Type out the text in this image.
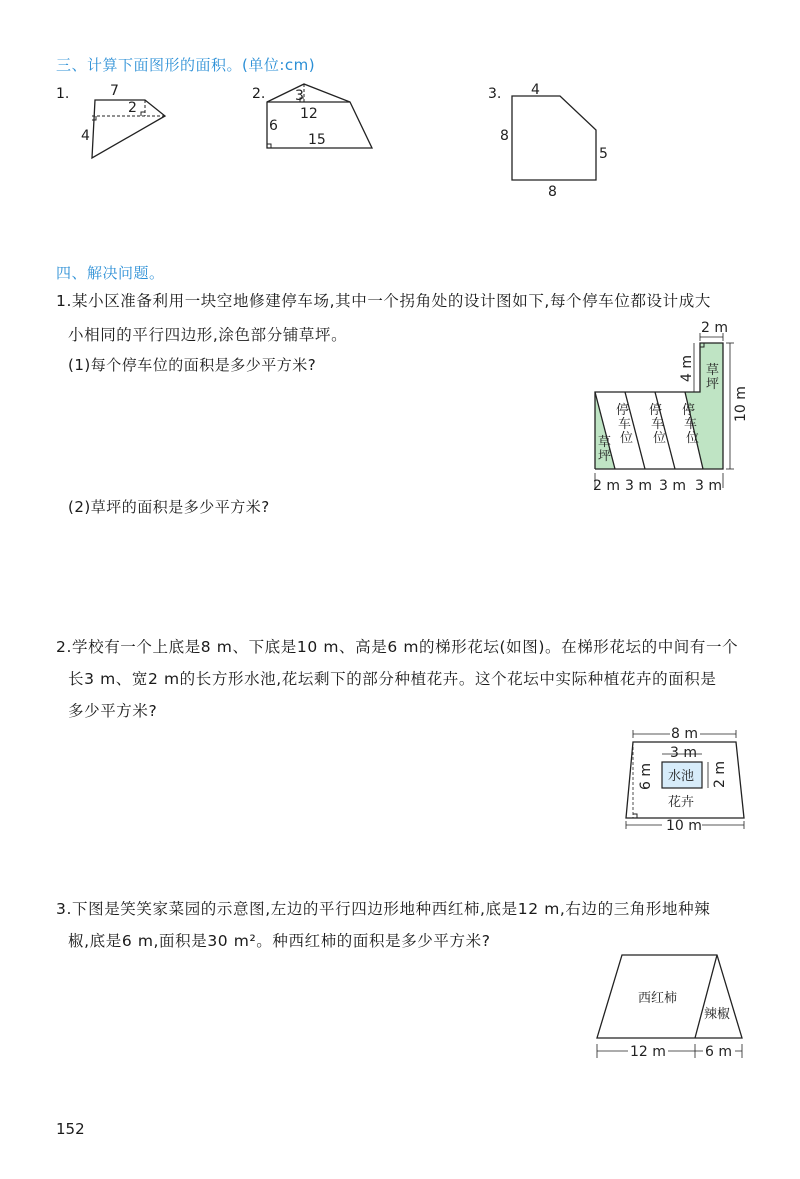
三、计算下面图形的面积。(单位:cm)
1.	7
2
4
2. 3
12
6
15
3. 4
8
5
8
四、解决问题。
1.某小区准备利用一块空地修建停车场,其中一个拐角处的设计图如下,每个停车位都设计成大
小相同的平行四边形,涂色部分铺草坪。
(1)每个停车位的面积是多少平方米?
(2)草坪的面积是多少平方米?
2 m
4 m
10 m
草
坪
草
坪
停
车
位
停
车
位
停
车
位
2 m 3 m 3 m 3 m
2.学校有一个上底是8 m、下底是10 m、高是6 m的梯形花坛(如图)。在梯形花坛的中间有一个
长3 m、宽2 m的长方形水池,花坛剩下的部分种植花卉。这个花坛中实际种植花卉的面积是
多少平方米?
8 m
3 m
水池 2 m
6 m
花卉
10 m
3.下图是笑笑家菜园的示意图,左边的平行四边形地种西红柿,底是12 m,右边的三角形地种辣
椒,底是6 m,面积是30 m²。种西红柿的面积是多少平方米?
西红柿
辣椒
12 m	6 m
152
